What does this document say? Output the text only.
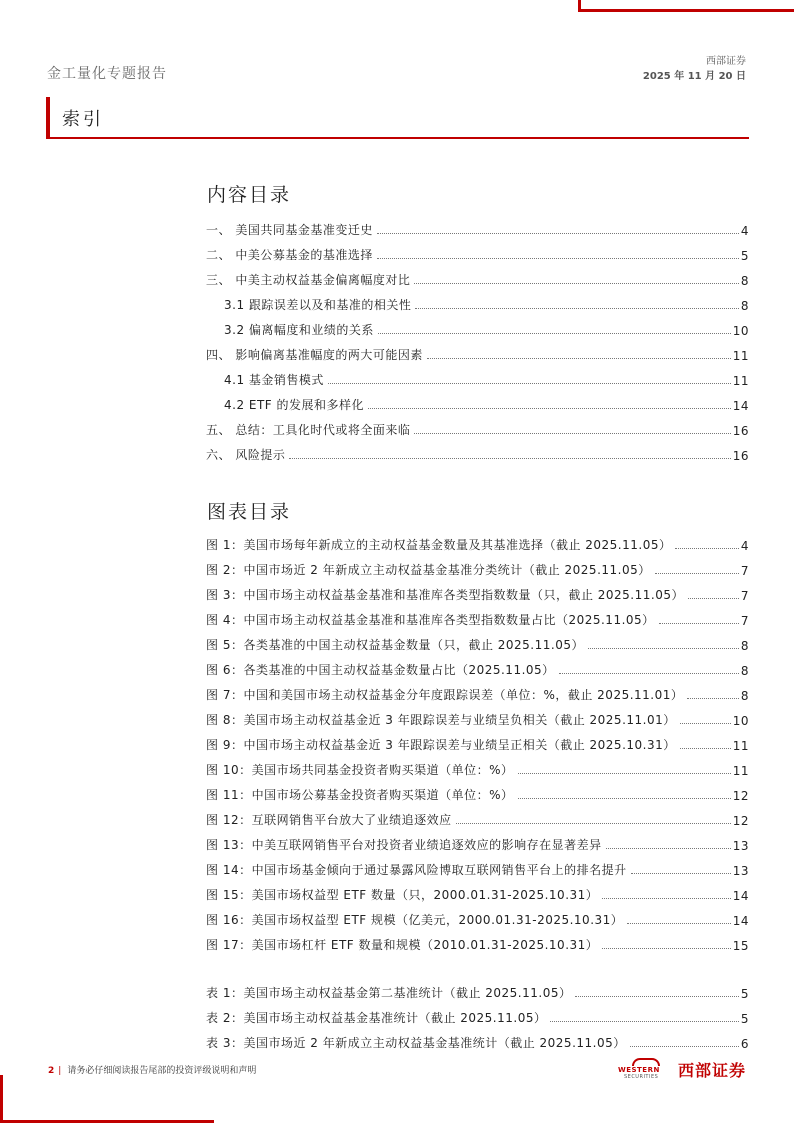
金工量化专题报告
西部证券
2025 年 11 月 20 日
索引
内容目录
一、 美国共同基金基准变迁史	4
二、 中美公募基金的基准选择	5
三、 中美主动权益基金偏离幅度对比	8
3.1 跟踪误差以及和基准的相关性	8
3.2 偏离幅度和业绩的关系	10
四、 影响偏离基准幅度的两大可能因素	11
4.1 基金销售模式	11
4.2 ETF 的发展和多样化	14
五、 总结：工具化时代或将全面来临	16
六、 风险提示	16
图表目录
图 1：美国市场每年新成立的主动权益基金数量及其基准选择（截止 2025.11.05）	4
图 2：中国市场近 2 年新成立主动权益基金基准分类统计（截止 2025.11.05）	7
图 3：中国市场主动权益基金基准和基准库各类型指数数量（只，截止 2025.11.05）	7
图 4：中国市场主动权益基金基准和基准库各类型指数数量占比（2025.11.05）	7
图 5：各类基准的中国主动权益基金数量（只，截止 2025.11.05）	8
图 6：各类基准的中国主动权益基金数量占比（2025.11.05）	8
图 7：中国和美国市场主动权益基金分年度跟踪误差（单位：%，截止 2025.11.01）	8
图 8：美国市场主动权益基金近 3 年跟踪误差与业绩呈负相关（截止 2025.11.01）	10
图 9：中国市场主动权益基金近 3 年跟踪误差与业绩呈正相关（截止 2025.10.31）	11
图 10：美国市场共同基金投资者购买渠道（单位：%）	11
图 11：中国市场公募基金投资者购买渠道（单位：%）	12
图 12：互联网销售平台放大了业绩追逐效应	12
图 13：中美互联网销售平台对投资者业绩追逐效应的影响存在显著差异	13
图 14：中国市场基金倾向于通过暴露风险博取互联网销售平台上的排名提升	13
图 15：美国市场权益型 ETF 数量（只，2000.01.31-2025.10.31）	14
图 16：美国市场权益型 ETF 规模（亿美元，2000.01.31-2025.10.31）	14
图 17：美国市场杠杆 ETF 数量和规模（2010.01.31-2025.10.31）	15
表 1：美国市场主动权益基金第二基准统计（截止 2025.11.05）	5
表 2：美国市场主动权益基金基准统计（截止 2025.11.05）	5
表 3：美国市场近 2 年新成立主动权益基金基准统计（截止 2025.11.05）	6
2 | 请务必仔细阅读报告尾部的投资评级说明和声明	WESTERN
SECURITIES 西部证券
